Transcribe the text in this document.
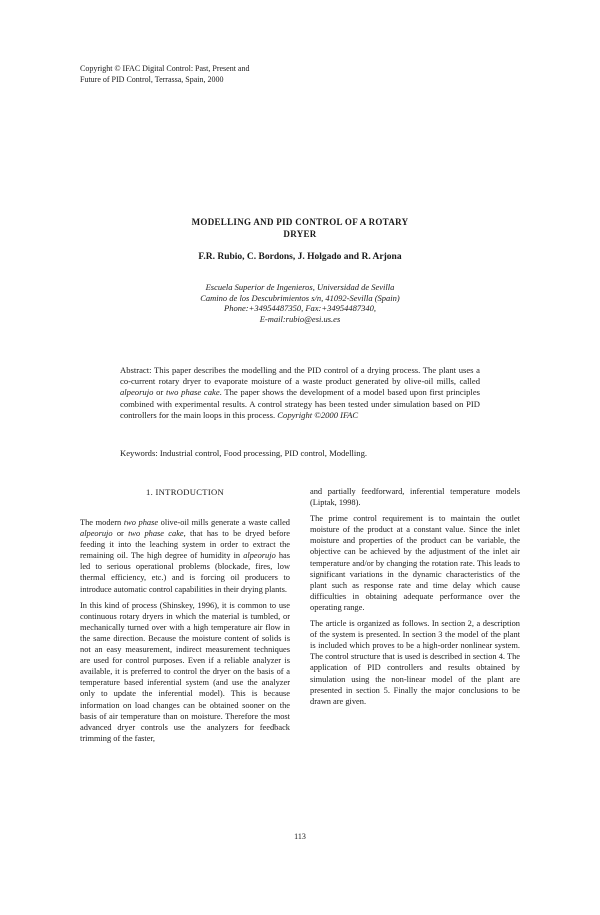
Copyright © IFAC Digital Control: Past, Present and
Future of PID Control, Terrassa, Spain, 2000
MODELLING AND PID CONTROL OF A ROTARY
DRYER
F.R. Rubio, C. Bordons, J. Holgado and R. Arjona
Escuela Superior de Ingenieros, Universidad de Sevilla
Camino de los Descubrimientos s/n, 41092-Sevilla (Spain)
Phone:+34954487350, Fax:+34954487340,
E-mail:rubio@esi.us.es
Abstract: This paper describes the modelling and the PID control of a drying process. The plant uses a co-current rotary dryer to evaporate moisture of a waste product generated by olive-oil mills, called alpeorujo or two phase cake. The paper shows the development of a model based upon first principles combined with experimental results. A control strategy has been tested under simulation based on PID controllers for the main loops in this process. Copyright ©2000 IFAC
Keywords: Industrial control, Food processing, PID control, Modelling.
1. INTRODUCTION

The modern two phase olive-oil mills generate a waste called alpeorujo or two phase cake, that has to be dryed before feeding it into the leaching system in order to extract the remaining oil. The high degree of humidity in alpeorujo has led to serious operational problems (blockade, fires, low thermal efficiency, etc.) and is forcing oil producers to introduce automatic control capabilities in their drying plants.

In this kind of process (Shinskey, 1996), it is common to use continuous rotary dryers in which the material is tumbled, or mechanically turned over with a high temperature air flow in the same direction. Because the moisture content of solids is not an easy measurement, indirect measurement techniques are used for control purposes. Even if a reliable analyzer is available, it is preferred to control the dryer on the basis of a temperature based inferential system (and use the analyzer only to update the inferential model). This is because information on load changes can be obtained sooner on the basis of air temperature than on moisture. Therefore the most advanced dryer controls use the analyzers for feedback trimming of the faster,

and partially feedforward, inferential temperature models (Liptak, 1998).

The prime control requirement is to maintain the outlet moisture of the product at a constant value. Since the inlet moisture and properties of the product can be variable, the objective can be achieved by the adjustment of the inlet air temperature and/or by changing the rotation rate. This leads to significant variations in the dynamic characteristics of the plant such as response rate and time delay which cause difficulties in obtaining adequate performance over the operating range.

The article is organized as follows. In section 2, a description of the system is presented. In section 3 the model of the plant is included which proves to be a high-order nonlinear system. The control structure that is used is described in section 4. The application of PID controllers and results obtained by simulation using the non-linear model of the plant are presented in section 5. Finally the major conclusions to be drawn are given.

113
